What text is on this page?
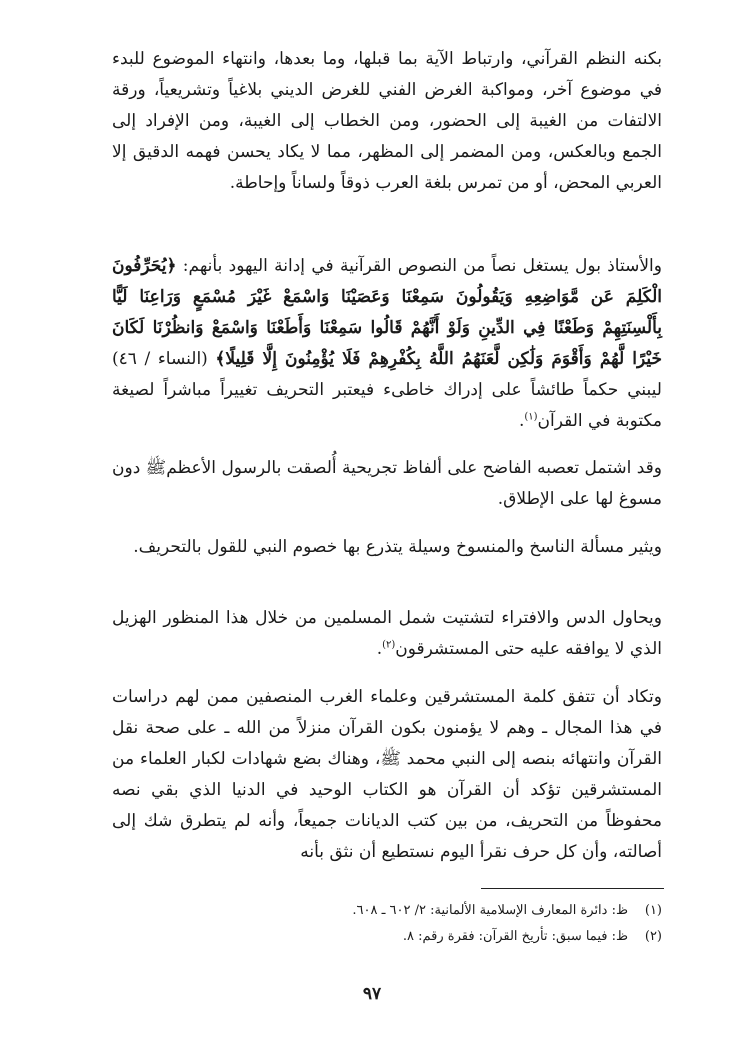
بكنه النظم القرآني، وارتباط الآية بما قبلها، وما بعدها، وانتهاء الموضوع للبدء في موضوع آخر، ومواكبة الغرض الفني للغرض الديني بلاغياً وتشريعياً، ورقة الالتفات من الغيبة إلى الحضور، ومن الخطاب إلى الغيبة، ومن الإفراد إلى الجمع وبالعكس، ومن المضمر إلى المظهر، مما لا يكاد يحسن فهمه الدقيق إلا العربي المحض، أو من تمرس بلغة العرب ذوقاً ولساناً وإحاطة.

والأستاذ بول يستغل نصاً من النصوص القرآنية في إدانة اليهود بأنهم: ﴿يُحَرِّفُونَ الْكَلِمَ عَن مَّوَاضِعِهِ وَيَقُولُونَ سَمِعْنَا وَعَصَيْنَا وَاسْمَعْ غَيْرَ مُسْمَعٍ وَرَاعِنَا لَيًّا بِأَلْسِنَتِهِمْ وَطَعْنًا فِي الدِّينِ وَلَوْ أَنَّهُمْ قَالُوا سَمِعْنَا وَأَطَعْنَا وَاسْمَعْ وَانظُرْنَا لَكَانَ خَيْرًا لَّهُمْ وَأَقْوَمَ وَلَٰكِن لَّعَنَهُمُ اللَّهُ بِكُفْرِهِمْ فَلَا يُؤْمِنُونَ إِلَّا قَلِيلًا﴾ (النساء / ٤٦) ليبني حكماً طائشاً على إدراك خاطىء فيعتبر التحريف تغييراً مباشراً لصيغة مكتوبة في القرآن$^{(١)}$.

وقد اشتمل تعصبه الفاضح على ألفاظ تجريحية أُلصقت بالرسول الأعظمﷺ دون مسوغ لها على الإطلاق.

ويثير مسألة الناسخ والمنسوخ وسيلة يتذرع بها خصوم النبي للقول بالتحريف.

ويحاول الدس والافتراء لتشتيت شمل المسلمين من خلال هذا المنظور الهزيل الذي لا يوافقه عليه حتى المستشرقون$^{(٢)}$.

وتكاد أن تتفق كلمة المستشرقين وعلماء الغرب المنصفين ممن لهم دراسات في هذا المجال ـ وهم لا يؤمنون بكون القرآن منزلاً من الله ـ على صحة نقل القرآن وانتهائه بنصه إلى النبي محمد ﷺ، وهناك بضع شهادات لكبار العلماء من المستشرقين تؤكد أن القرآن هو الكتاب الوحيد في الدنيا الذي بقي نصه محفوظاً من التحريف، من بين كتب الديانات جميعاً، وأنه لم يتطرق شك إلى أصالته، وأن كل حرف نقرأ اليوم نستطيع أن نثق بأنه

(١)ظ: دائرة المعارف الإسلامية الألمانية: ٢/ ٦٠٢ ـ ٦٠٨.
(٢)ظ: فيما سبق: تأريخ القرآن: فقرة رقم: ٨.
٩٧
